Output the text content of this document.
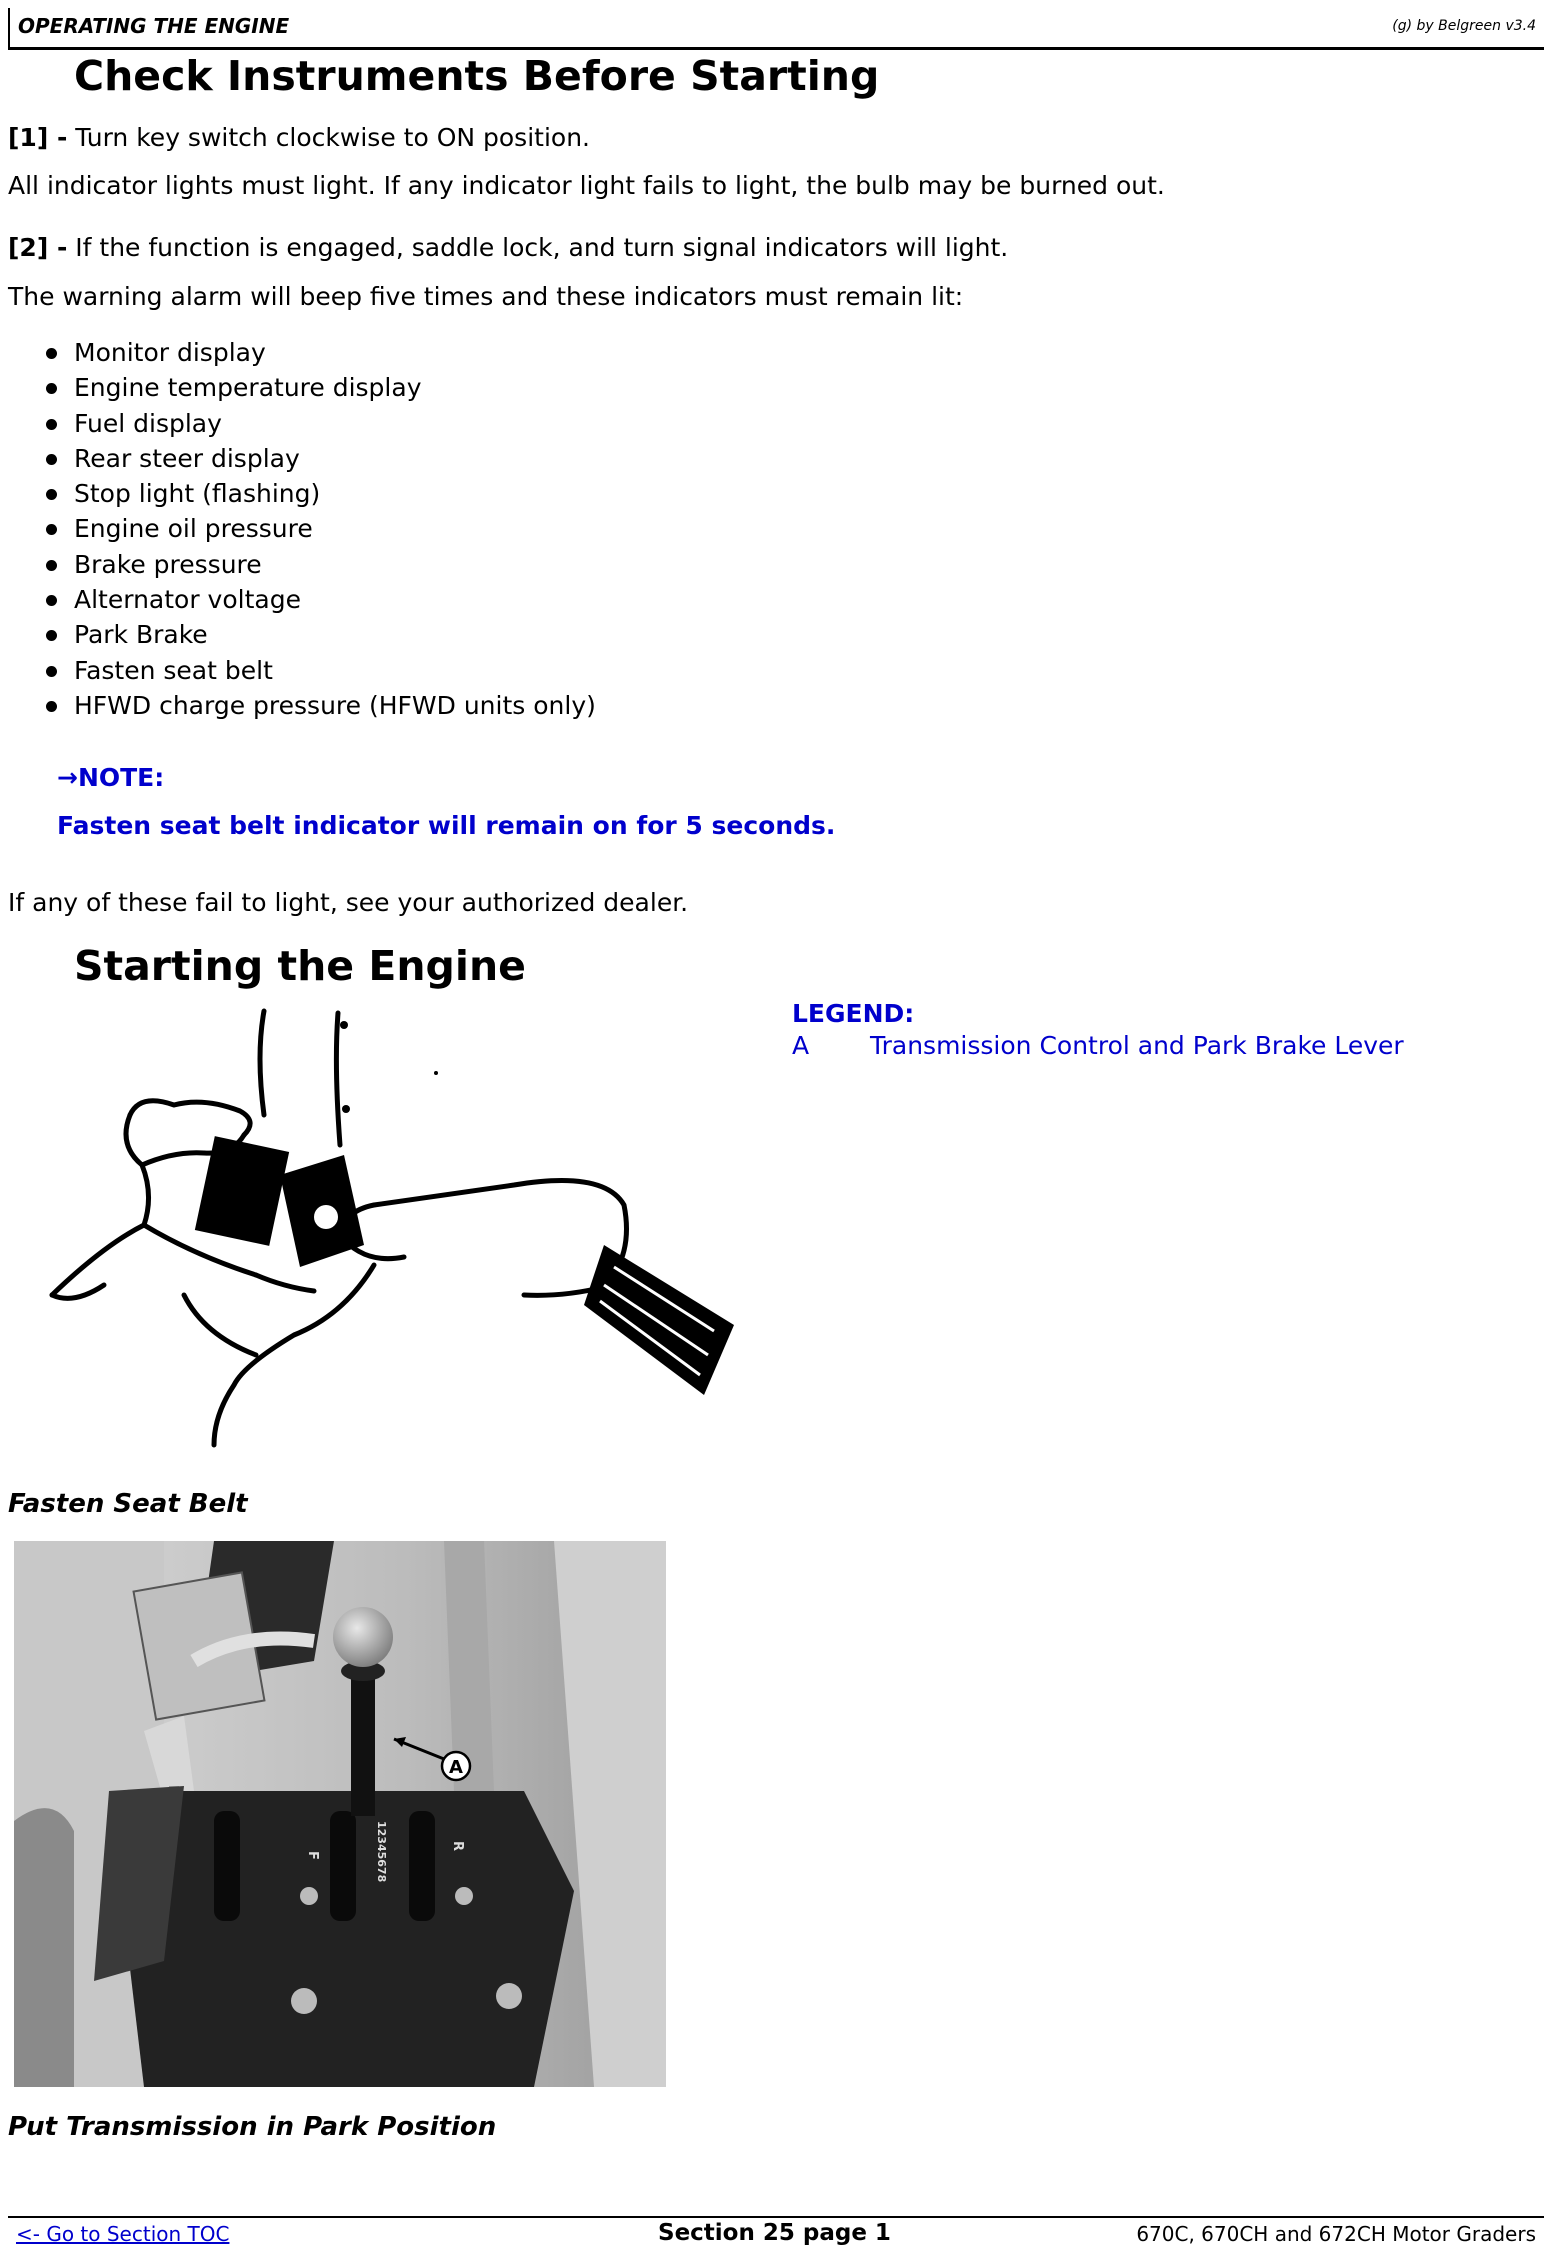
OPERATING THE ENGINE	(g) by Belgreen v3.4
Check Instruments Before Starting

[1] - Turn key switch clockwise to ON position.

All indicator lights must light. If any indicator light fails to light, the bulb may be burned out.

[2] - If the function is engaged, saddle lock, and turn signal indicators will light.

The warning alarm will beep five times and these indicators must remain lit:

Monitor display
Engine temperature display
Fuel display
Rear steer display
Stop light (flashing)
Engine oil pressure
Brake pressure
Alternator voltage
Park Brake
Fasten seat belt
HFWD charge pressure (HFWD units only)
→NOTE:
Fasten seat belt indicator will remain on for 5 seconds.

If any of these fail to light, see your authorized dealer.

Starting the Engine
LEGEND:
A Transmission Control and Park Brake Lever
Fasten Seat Belt
A
F
R
12345678
Put Transmission in Park Position
<- Go to Section TOC	Section 25 page 1	670C, 670CH and 672CH Motor Graders
